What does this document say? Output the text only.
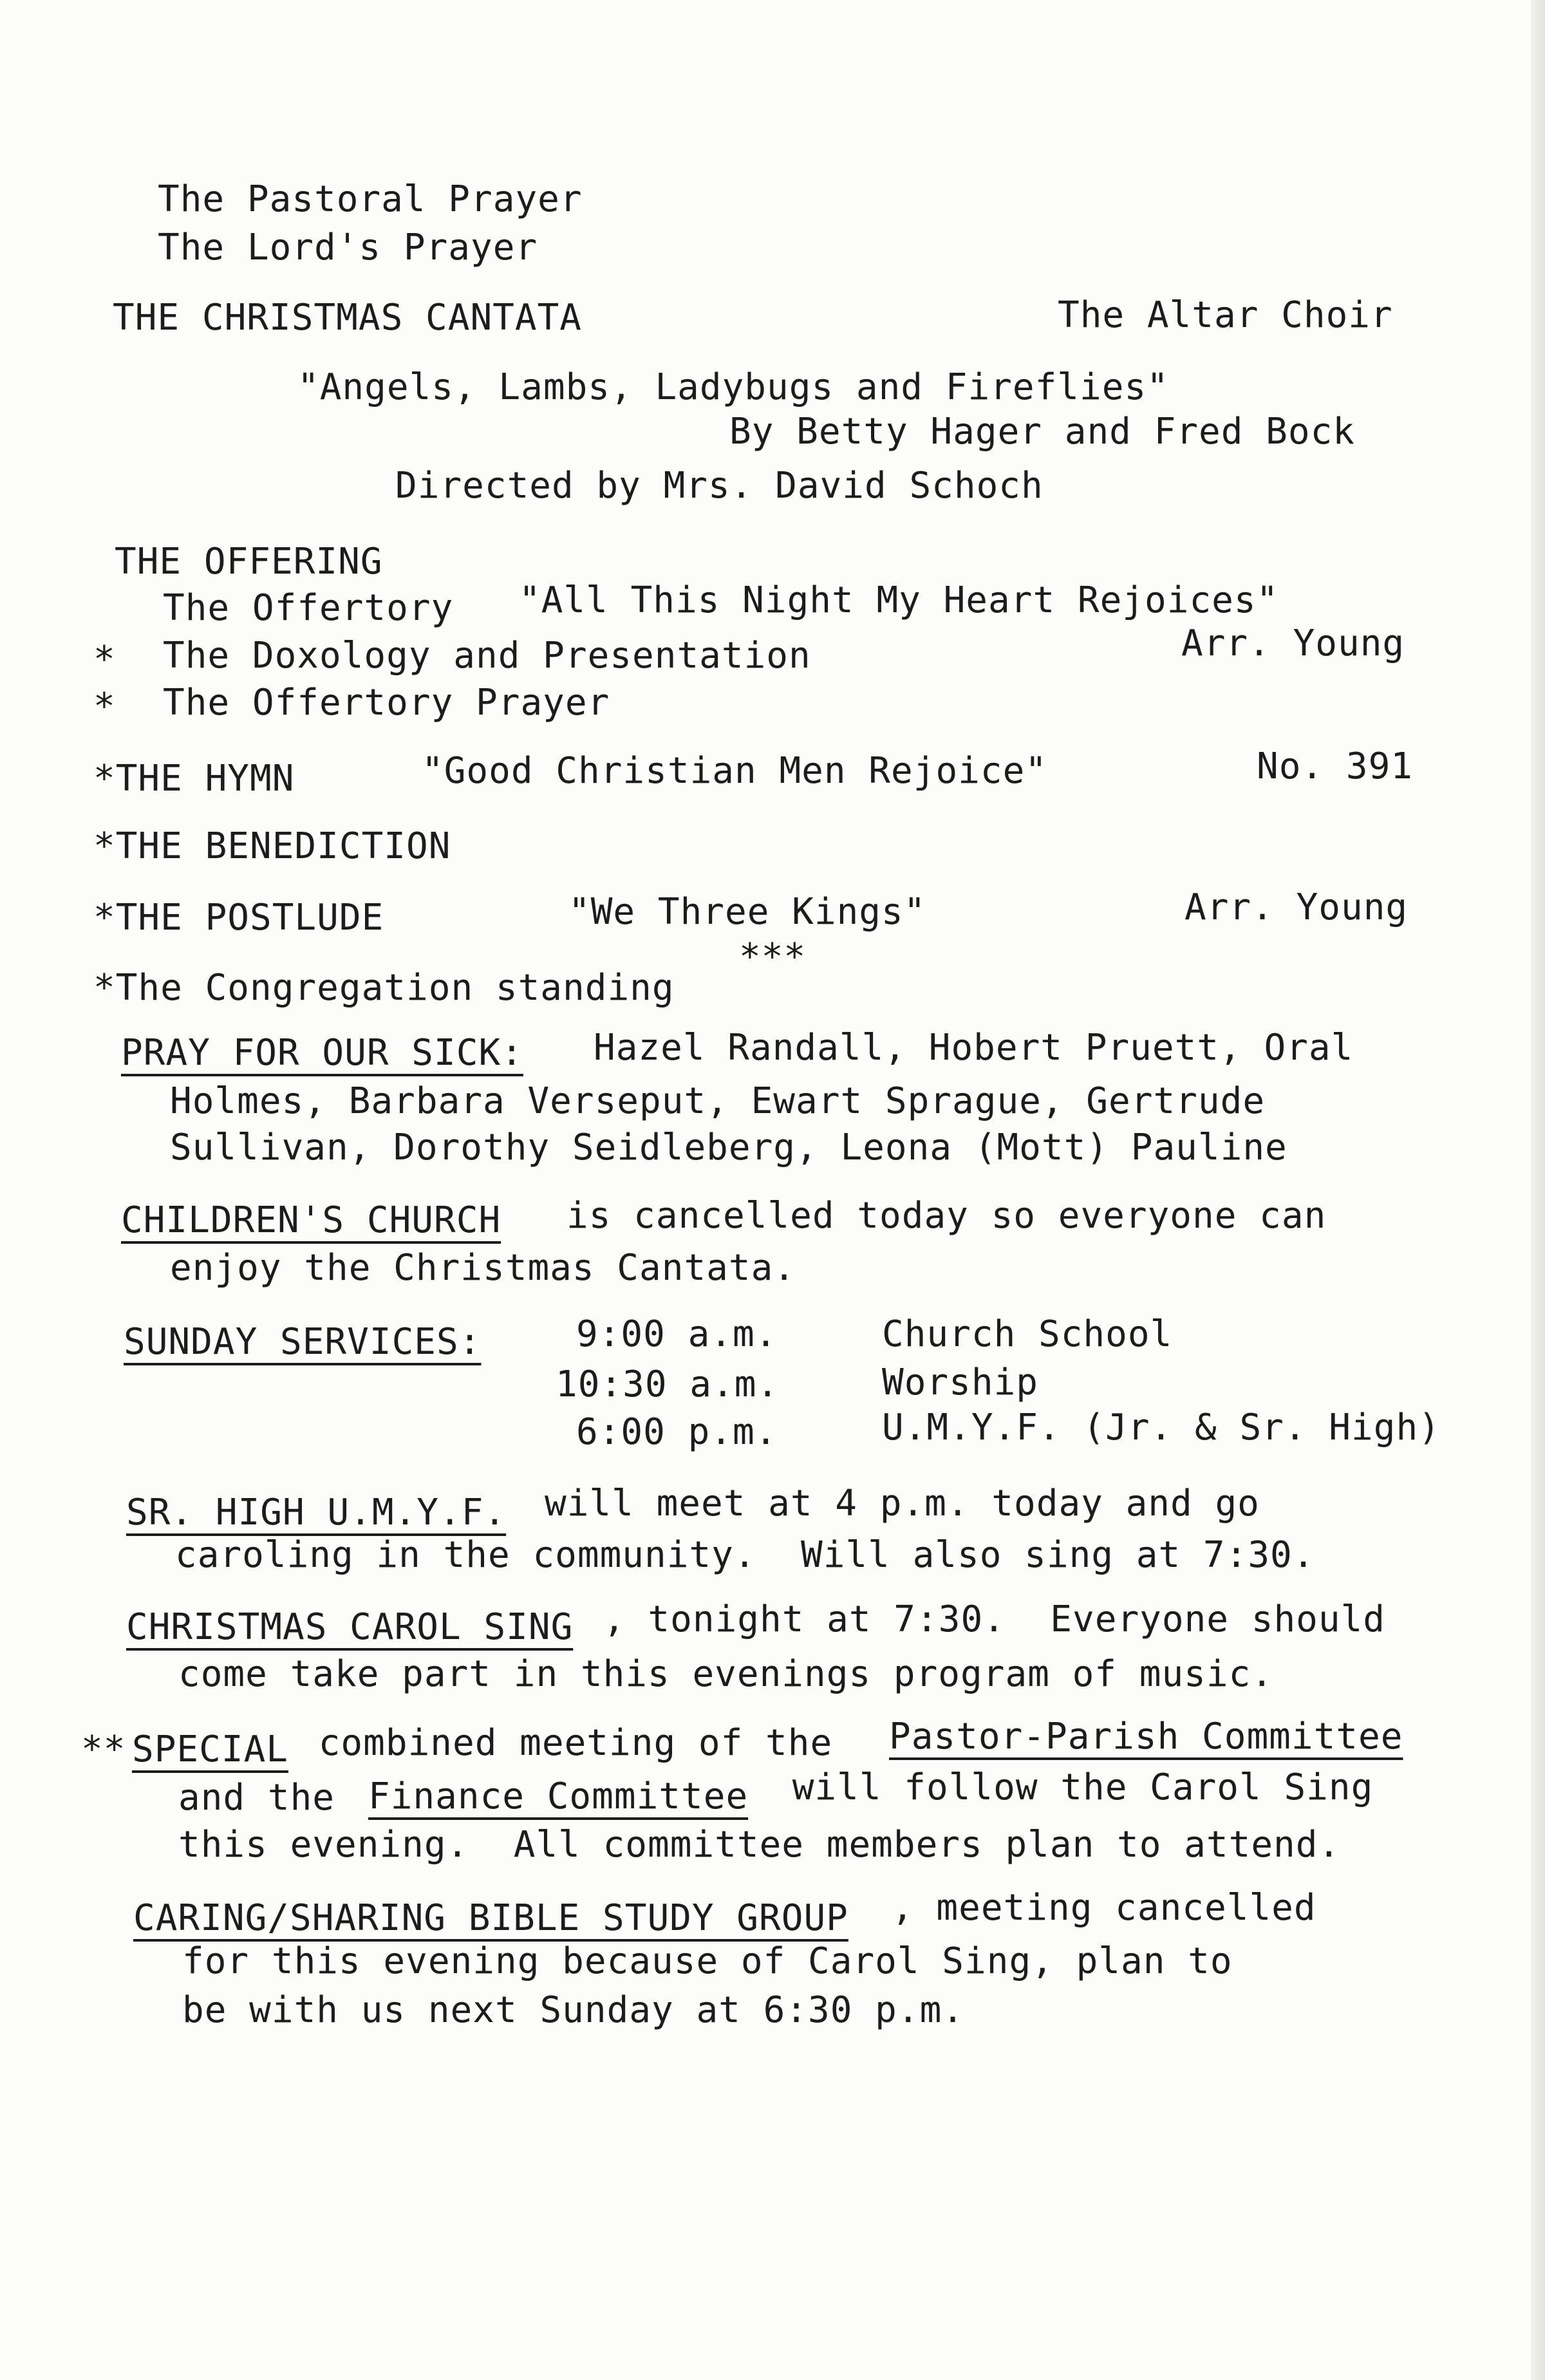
The Pastoral Prayer
The Lord's Prayer
THE CHRISTMAS CANTATA	The Altar Choir
"Angels, Lambs, Ladybugs and Fireflies"
By Betty Hager and Fred Bock
Directed by Mrs. David Schoch
THE OFFERING
The Offertory "All This Night My Heart Rejoices"
* The Doxology and Presentation	Arr. Young
* The Offertory Prayer
*THE HYMN	"Good Christian Men Rejoice"	No. 391
*THE BENEDICTION
*THE POSTLUDE	"We Three Kings"	Arr. Young
***
*The Congregation standing
PRAY FOR OUR SICK: Hazel Randall, Hobert Pruett, Oral
Holmes, Barbara Verseput, Ewart Sprague, Gertrude
Sullivan, Dorothy Seidleberg, Leona (Mott) Pauline
CHILDREN'S CHURCH is cancelled today so everyone can
enjoy the Christmas Cantata.
SUNDAY SERVICES:	9:00 a.m.	Church School
10:30 a.m.	Worship
6:00 p.m.	U.M.Y.F. (Jr. & Sr. High)
SR. HIGH U.M.Y.F. will meet at 4 p.m. today and go
caroling in the community.  Will also sing at 7:30.
CHRISTMAS CAROL SING , tonight at 7:30.  Everyone should
come take part in this evenings program of music.
** SPECIAL combined meeting of the Pastor-Parish Committee
and the Finance Committee will follow the Carol Sing
this evening.  All committee members plan to attend.
CARING/SHARING BIBLE STUDY GROUP , meeting cancelled
for this evening because of Carol Sing, plan to
be with us next Sunday at 6:30 p.m.
